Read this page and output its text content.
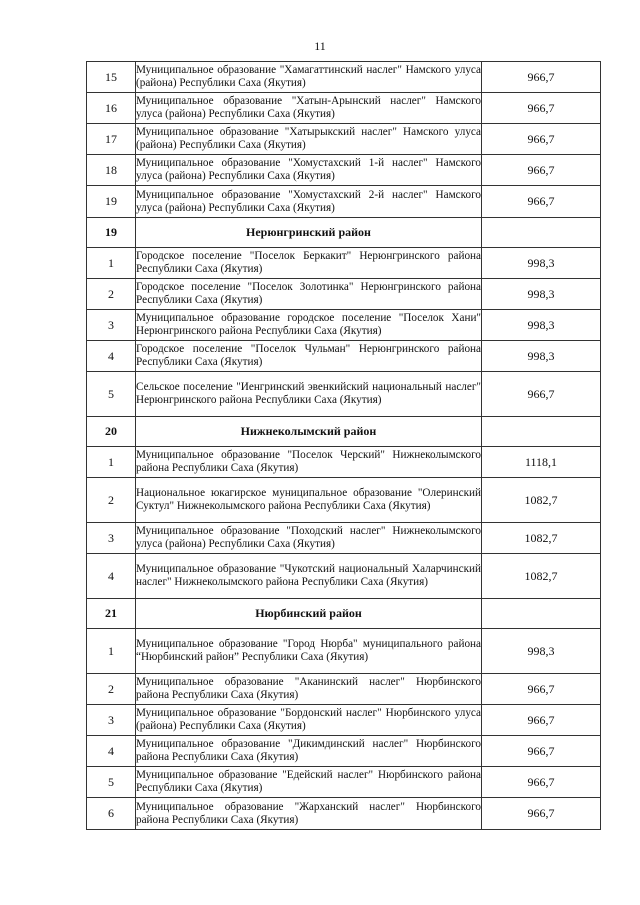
11
15	Муниципальное образование "Хамагаттинский наслег" Намского улуса (района) Республики Саха (Якутия)	966,7
16	Муниципальное образование "Хатын-Арынский наслег" Намского улуса (района) Республики Саха (Якутия)	966,7
17	Муниципальное образование "Хатырыкский наслег" Намского улуса (района) Республики Саха (Якутия)	966,7
18	Муниципальное образование "Хомустахский 1-й наслег" Намского улуса (района) Республики Саха (Якутия)	966,7
19	Муниципальное образование "Хомустахский 2-й наслег" Намского улуса (района) Республики Саха (Якутия)	966,7
19	Нерюнгринский район	
1	Городское поселение "Поселок Беркакит" Нерюнгринского района Республики Саха (Якутия)	998,3
2	Городское поселение "Поселок Золотинка" Нерюнгринского района Республики Саха (Якутия)	998,3
3	Муниципальное образование городское поселение "Поселок Хани" Нерюнгринского района Республики Саха (Якутия)	998,3
4	Городское поселение "Поселок Чульман" Нерюнгринского района Республики Саха (Якутия)	998,3
5	Сельское поселение "Иенгринский эвенкийский национальный наслег" Нерюнгринского района Республики Саха (Якутия)	966,7
20	Нижнеколымский район	
1	Муниципальное образование "Поселок Черский" Нижнеколымского района Республики Саха (Якутия)	1118,1
2	Национальное юкагирское муниципальное образование "Олеринский Суктул" Нижнеколымского района Республики Саха (Якутия)	1082,7
3	Муниципальное образование "Походский наслег" Нижнеколымского улуса (района) Республики Саха (Якутия)	1082,7
4	Муниципальное образование "Чукотский национальный Халарчинский наслег" Нижнеколымского района Республики Саха (Якутия)	1082,7
21	Нюрбинский район	
1	Муниципальное образование "Город Нюрба" муниципального района “Нюрбинский район” Республики Саха (Якутия)	998,3
2	Муниципальное образование "Аканинский наслег" Нюрбинского района Республики Саха (Якутия)	966,7
3	Муниципальное образование "Бордонский наслег" Нюрбинского улуса (района) Республики Саха (Якутия)	966,7
4	Муниципальное образование "Дикимдинский наслег" Нюрбинского района Республики Саха (Якутия)	966,7
5	Муниципальное образование "Едейский наслег" Нюрбинского района Республики Саха (Якутия)	966,7
6	Муниципальное образование "Жарханский наслег" Нюрбинского района Республики Саха (Якутия)	966,7
